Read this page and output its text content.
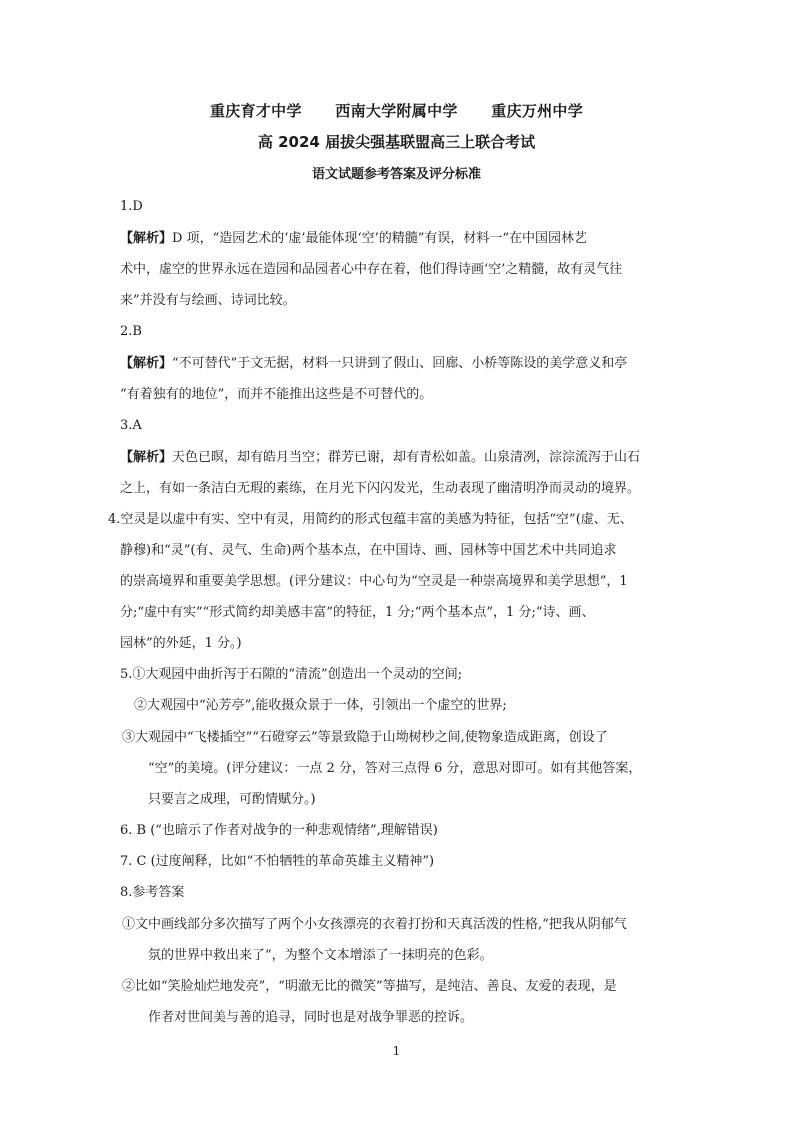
重庆育才中学 西南大学附属中学 重庆万州中学
高 2024 届拔尖强基联盟高三上联合考试
语文试题参考答案及评分标准
1.D
【解析】D 项，“造园艺术的‘虚’最能体现‘空’的精髓”有误，材料一“在中国园林艺
术中，虚空的世界永远在造园和品园者心中存在着，他们得诗画‘空’之精髓，故有灵气往
来”并没有与绘画、诗词比较。
2.B
【解析】“不可替代”于文无据，材料一只讲到了假山、回廊、小桥等陈设的美学意义和亭
“有着独有的地位”，而并不能推出这些是不可替代的。
3.A
【解析】天色已暝，却有皓月当空；群芳已谢，却有青松如盖。山泉清冽，淙淙流泻于山石
之上，有如一条洁白无瑕的素练，在月光下闪闪发光，生动表现了幽清明净而灵动的境界。
4.空灵是以虚中有实、空中有灵，用简约的形式包蕴丰富的美感为特征，包括“空”(虚、无、
静穆)和“灵”(有、灵气、生命)两个基本点，在中国诗、画、园林等中国艺术中共同追求
的崇高境界和重要美学思想。(评分建议：中心句为“空灵是一种崇高境界和美学思想”，1
分;“虚中有实”“形式简约却美感丰富”的特征，1 分;“两个基本点”，1 分;“诗、画、
园林”的外延，1 分。)
5.①大观园中曲折泻于石隙的“清流”创造出一个灵动的空间;
②大观园中“沁芳亭”,能收摄众景于一体，引领出一个虚空的世界;
③大观园中“飞楼插空”“石磴穿云”等景致隐于山坳树杪之间,使物象造成距离，创设了
“空”的美境。(评分建议：一点 2 分，答对三点得 6 分，意思对即可。如有其他答案，
只要言之成理，可酌情赋分。)
6. B (“也暗示了作者对战争的一种悲观情绪”,理解错误)
7. C (过度阐释，比如“不怕牺牲的革命英雄主义精神”)
8.参考答案
①文中画线部分多次描写了两个小女孩漂亮的衣着打扮和天真活泼的性格,“把我从阴郁气
氛的世界中救出来了”，为整个文本增添了一抹明亮的色彩。
②比如“笑脸灿烂地发亮”，“明澈无比的微笑”等描写，是纯洁、善良、友爱的表现，是
作者对世间美与善的追寻，同时也是对战争罪恶的控诉。
1
